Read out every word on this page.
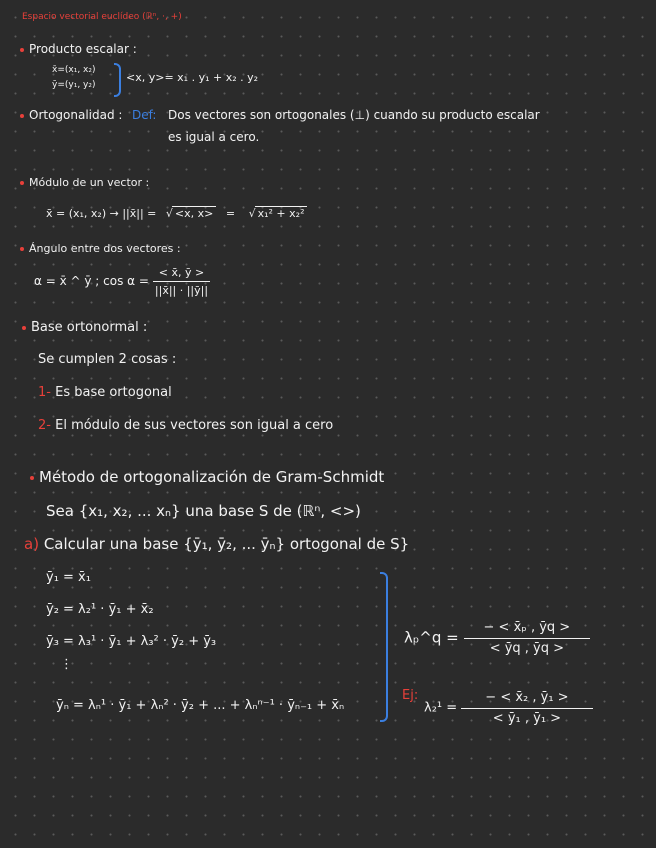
Espacio vectorial euclídeo (ℝⁿ, ·, +)
Producto escalar :
x̄=(x₁, x₂)
ȳ=(y₁, y₂)
<x, y>= x₁ . y₁ + x₂ . y₂
Ortogonalidad : Def: Dos vectores son ortogonales (⊥) cuando su producto escalar
es igual a cero.
Módulo de un vector :
x̄ = (x₁, x₂) → ||x̄|| = √ <x, x> = √ x₁² + x₂²
Ángulo entre dos vectores :
α = x̄ ^ ȳ ; $\cos \alpha = \frac{< x̄, ȳ >}{||x̄|| \cdot ||ȳ||}$
Base ortonormal :
Se cumplen 2 cosas :
1- Es base ortogonal
2- El módulo de sus vectores son igual a cero
Método de ortogonalización de Gram-Schmidt
Sea {x₁, x₂, ... xₙ} una base S de (ℝⁿ, <>)
a) Calcular una base {ȳ₁, ȳ₂, ... ȳₙ} ortogonal de S}
ȳ₁ = x̄₁
ȳ₂ = λ₂¹ · ȳ₁ + x̄₂
ȳ₃ = λ₃¹ · ȳ₁ + λ₃² · ȳ₂ + ȳ₃
⋮
ȳₙ = λₙ¹ · ȳ₁ + λₙ² · ȳ₂ + ... + λₙⁿ⁻¹ · ȳₙ₋₁ + x̄ₙ
λₚ^q = $\frac{\text{− < x̄ₚ , ȳq >}}{< ȳq , ȳq >}$
Ej:
$\lambda_2^1 = \frac{\text{− < x̄₂ , ȳ₁ >}}{\text{< ȳ₁ , ȳ₁ >}}$
